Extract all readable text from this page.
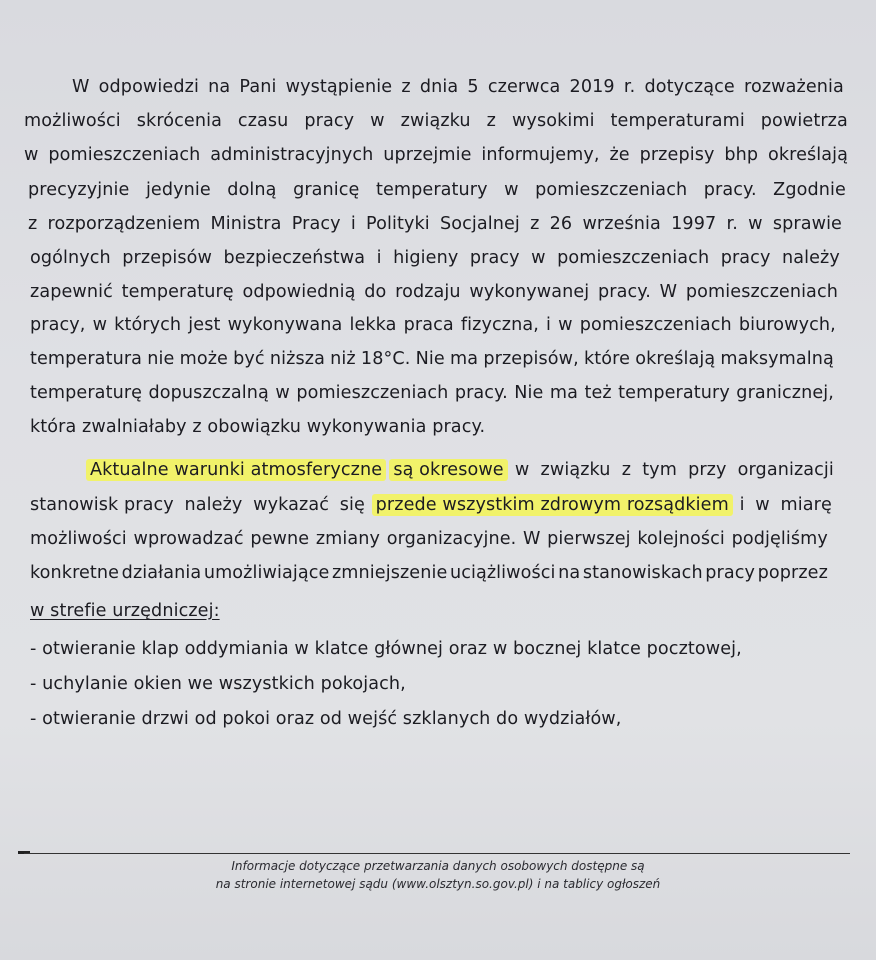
W odpowiedzi na Pani wystąpienie z dnia 5 czerwca 2019 r. dotyczące rozważenia
możliwości skrócenia czasu pracy w związku z wysokimi temperaturami powietrza
w pomieszczeniach administracyjnych uprzejmie informujemy, że przepisy bhp określają
precyzyjnie jedynie dolną granicę temperatury w pomieszczeniach pracy. Zgodnie
z rozporządzeniem Ministra Pracy i Polityki Socjalnej z 26 września 1997 r. w sprawie
ogólnych przepisów bezpieczeństwa i higieny pracy w pomieszczeniach pracy należy
zapewnić temperaturę odpowiednią do rodzaju wykonywanej pracy. W pomieszczeniach
pracy, w których jest wykonywana lekka praca fizyczna, i w pomieszczeniach biurowych,
temperatura nie może być niższa niż 18°C. Nie ma przepisów, które określają maksymalną
temperaturę dopuszczalną w pomieszczeniach pracy. Nie ma też temperatury granicznej,
która zwalniałaby z obowiązku wykonywania pracy.
Aktualne warunki atmosferyczne są okresowe w związku z tym przy organizacji
stanowisk pracy należy wykazać się przede wszystkim zdrowym rozsądkiem i w miarę
możliwości wprowadzać pewne zmiany organizacyjne. W pierwszej kolejności podjęliśmy
konkretne działania umożliwiające zmniejszenie uciążliwości na stanowiskach pracy poprzez
w strefie urzędniczej:
- otwieranie klap oddymiania w klatce głównej oraz w bocznej klatce pocztowej,
- uchylanie okien we wszystkich pokojach,
- otwieranie drzwi od pokoi oraz od wejść szklanych do wydziałów,
Informacje dotyczące przetwarzania danych osobowych dostępne są
na stronie internetowej sądu (www.olsztyn.so.gov.pl) i na tablicy ogłoszeń
